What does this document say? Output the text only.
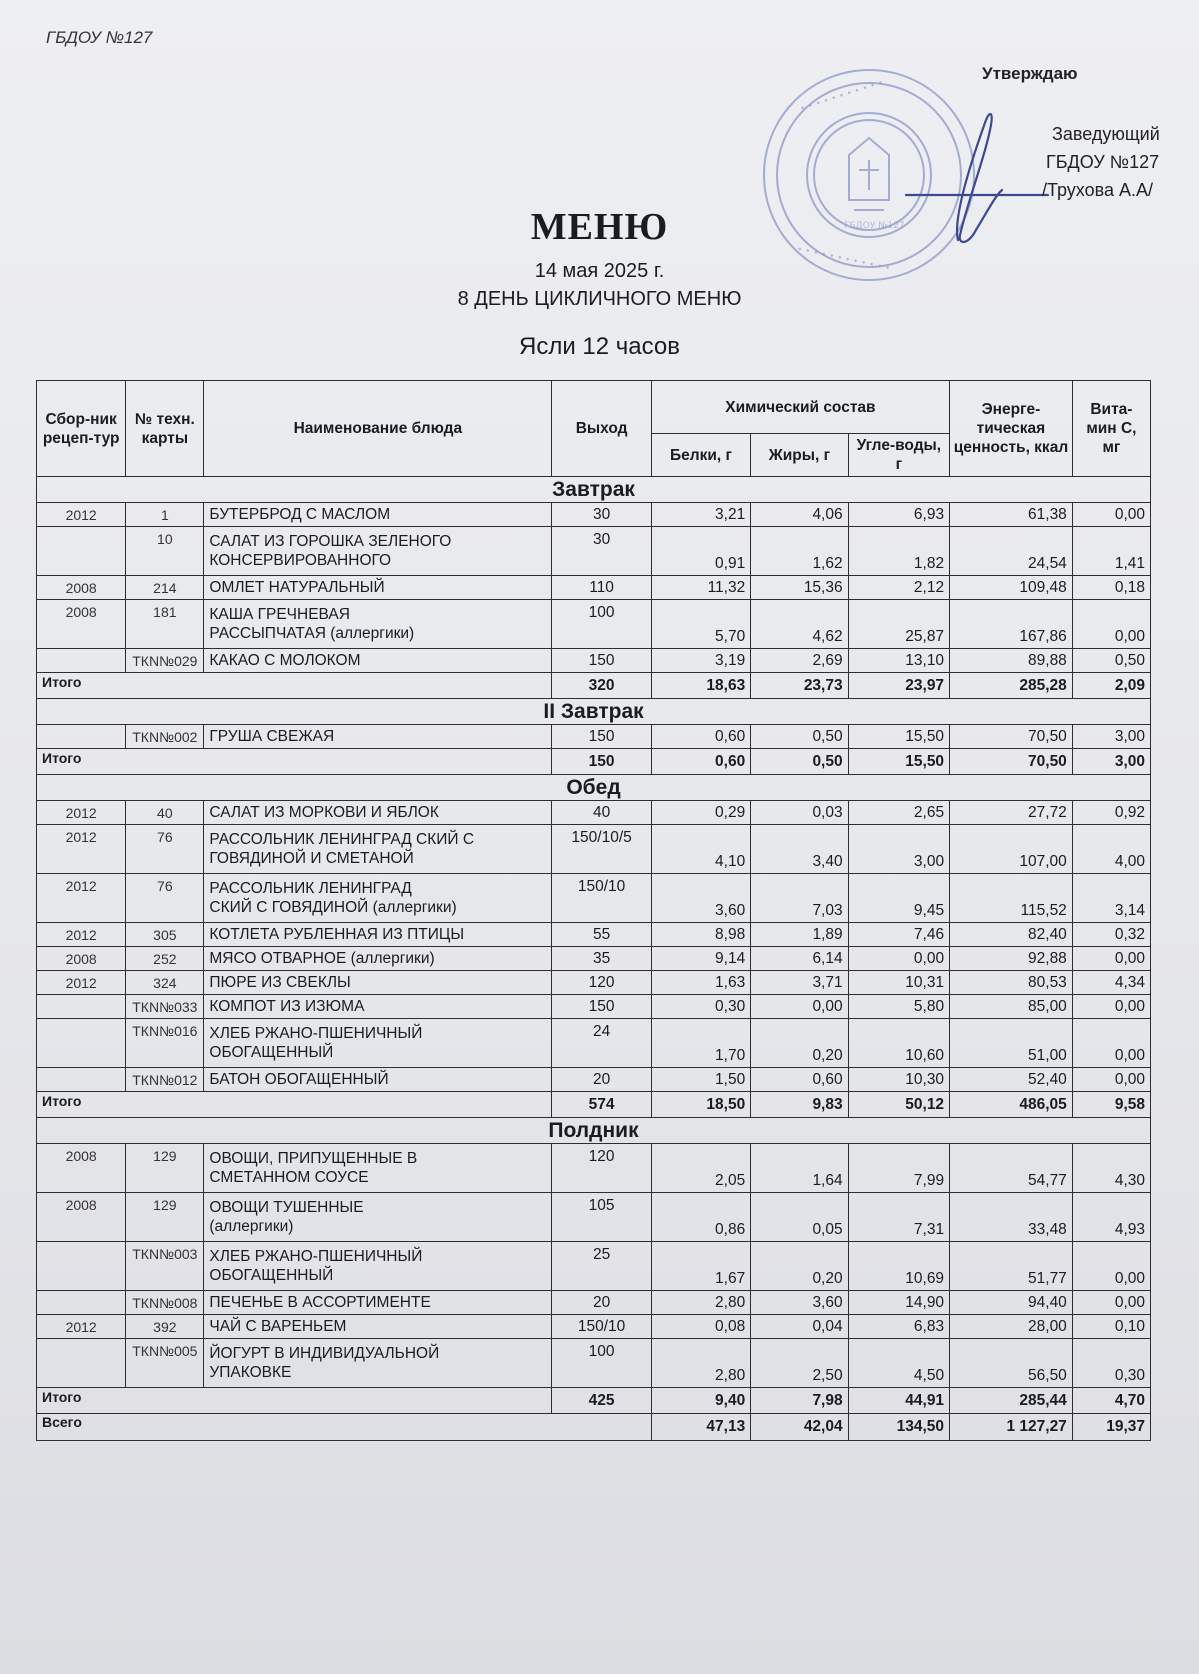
ГБДОУ №127
• • • • • • • • • • •
• • • • • • • • • • • •
ГБДОУ №127
Утверждаю
Заведующий
ГБДОУ №127
/Трухова А.А/
МЕНЮ
14 мая 2025 г.
8 ДЕНЬ ЦИКЛИЧНОГО МЕНЮ
Ясли 12 часов
Сбор-ник рецеп-тур	№ техн. карты	Наименование блюда	Выход	Химический состав			Энерге-тическая ценность, ккал	Вита-мин С, мг
				Белки, г	Жиры, г	Угле-воды, г		
Завтрак								
2012	1	БУТЕРБРОД С МАСЛОМ	30	3,21	4,06	6,93	61,38	0,00
	10	САЛАТ ИЗ ГОРОШКА ЗЕЛЕНОГО
КОНСЕРВИРОВАННОГО	30	0,91	1,62	1,82	24,54	1,41
2008	214	ОМЛЕТ НАТУРАЛЬНЫЙ	110	11,32	15,36	2,12	109,48	0,18
2008	181	КАША ГРЕЧНЕВАЯ
РАССЫПЧАТАЯ (аллергики)	100	5,70	4,62	25,87	167,86	0,00
	ТКN№029	КАКАО С МОЛОКОМ	150	3,19	2,69	13,10	89,88	0,50
Итого			320	18,63	23,73	23,97	285,28	2,09
II Завтрак								
	ТКN№002	ГРУША СВЕЖАЯ	150	0,60	0,50	15,50	70,50	3,00
Итого			150	0,60	0,50	15,50	70,50	3,00
Обед								
2012	40	САЛАТ ИЗ МОРКОВИ И ЯБЛОК	40	0,29	0,03	2,65	27,72	0,92
2012	76	РАССОЛЬНИК ЛЕНИНГРАД СКИЙ С
ГОВЯДИНОЙ И СМЕТАНОЙ	150/10/5	4,10	3,40	3,00	107,00	4,00
2012	76	РАССОЛЬНИК ЛЕНИНГРАД
СКИЙ С ГОВЯДИНОЙ (аллергики)	150/10	3,60	7,03	9,45	115,52	3,14
2012	305	КОТЛЕТА РУБЛЕННАЯ ИЗ ПТИЦЫ	55	8,98	1,89	7,46	82,40	0,32
2008	252	МЯСО ОТВАРНОЕ (аллергики)	35	9,14	6,14	0,00	92,88	0,00
2012	324	ПЮРЕ ИЗ СВЕКЛЫ	120	1,63	3,71	10,31	80,53	4,34
	ТКN№033	КОМПОТ ИЗ ИЗЮМА	150	0,30	0,00	5,80	85,00	0,00
	ТКN№016	ХЛЕБ РЖАНО-ПШЕНИЧНЫЙ
ОБОГАЩЕННЫЙ	24	1,70	0,20	10,60	51,00	0,00
	ТКN№012	БАТОН ОБОГАЩЕННЫЙ	20	1,50	0,60	10,30	52,40	0,00
Итого			574	18,50	9,83	50,12	486,05	9,58
Полдник								
2008	129	ОВОЩИ, ПРИПУЩЕННЫЕ В
СМЕТАННОМ СОУСЕ	120	2,05	1,64	7,99	54,77	4,30
2008	129	ОВОЩИ ТУШЕННЫЕ
(аллергики)	105	0,86	0,05	7,31	33,48	4,93
	ТКN№003	ХЛЕБ РЖАНО-ПШЕНИЧНЫЙ
ОБОГАЩЕННЫЙ	25	1,67	0,20	10,69	51,77	0,00
	ТКN№008	ПЕЧЕНЬЕ В АССОРТИМЕНТЕ	20	2,80	3,60	14,90	94,40	0,00
2012	392	ЧАЙ С ВАРЕНЬЕМ	150/10	0,08	0,04	6,83	28,00	0,10
	ТКN№005	ЙОГУРТ В ИНДИВИДУАЛЬНОЙ
УПАКОВКЕ	100	2,80	2,50	4,50	56,50	0,30
Итого			425	9,40	7,98	44,91	285,44	4,70
Всего				47,13	42,04	134,50	1 127,27	19,37
